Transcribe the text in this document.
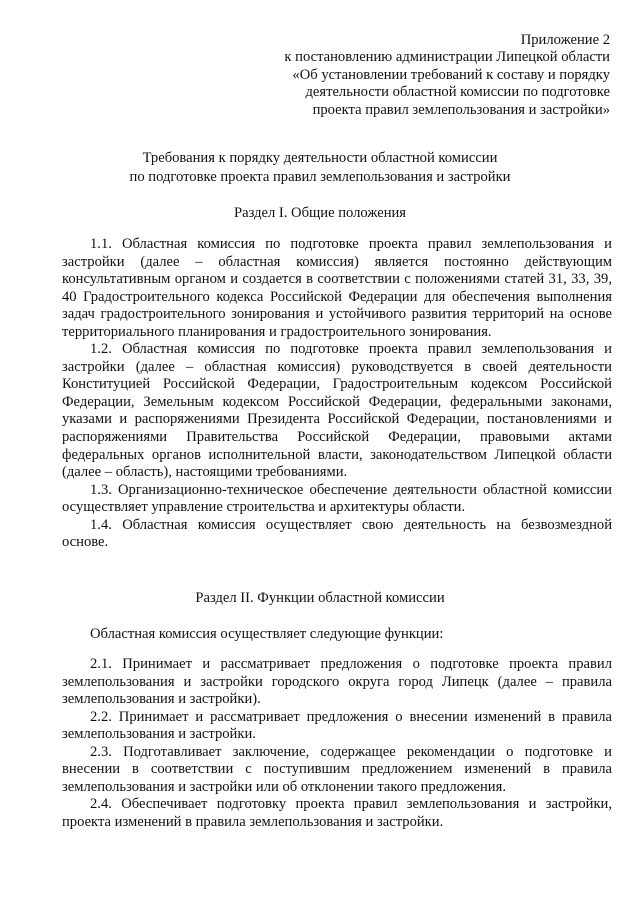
Приложение 2
к постановлению администрации Липецкой области
«Об установлении требований к составу и порядку
деятельности областной комиссии по подготовке
проекта правил землепользования и застройки»
Требования к порядку деятельности областной комиссии
по подготовке проекта правил землепользования и застройки
Раздел I. Общие положения

1.1. Областная комиссия по подготовке проекта правил землепользования и застройки (далее – областная комиссия) является постоянно действующим консультативным органом и создается в соответствии с положениями статей 31, 33, 39, 40 Градостроительного кодекса Российской Федерации для обеспечения выполнения задач градостроительного зонирования и устойчивого развития территорий на основе территориального планирования и градостроительного зонирования.

1.2. Областная комиссия по подготовке проекта правил землепользования и застройки (далее – областная комиссия) руководствуется в своей деятельности Конституцией Российской Федерации, Градостроительным кодексом Российской Федерации, Земельным кодексом Российской Федерации, федеральными законами, указами и распоряжениями Президента Российской Федерации, постановлениями и распоряжениями Правительства Российской Федерации, правовыми актами федеральных органов исполнительной власти, законодательством Липецкой области (далее – область), настоящими требованиями.

1.3. Организационно-техническое обеспечение деятельности областной комиссии осуществляет управление строительства и архитектуры области.

1.4. Областная комиссия осуществляет свою деятельность на безвозмездной основе.

Раздел II. Функции областной комиссии
Областная комиссия осуществляет следующие функции:

2.1. Принимает и рассматривает предложения о подготовке проекта правил землепользования и застройки городского округа город Липецк (далее – правила землепользования и застройки).

2.2. Принимает и рассматривает предложения о внесении изменений в правила землепользования и застройки.

2.3. Подготавливает заключение, содержащее рекомендации о подготовке и внесении в соответствии с поступившим предложением изменений в правила землепользования и застройки или об отклонении такого предложения.

2.4. Обеспечивает подготовку проекта правил землепользования и застройки, проекта изменений в правила землепользования и застройки.
